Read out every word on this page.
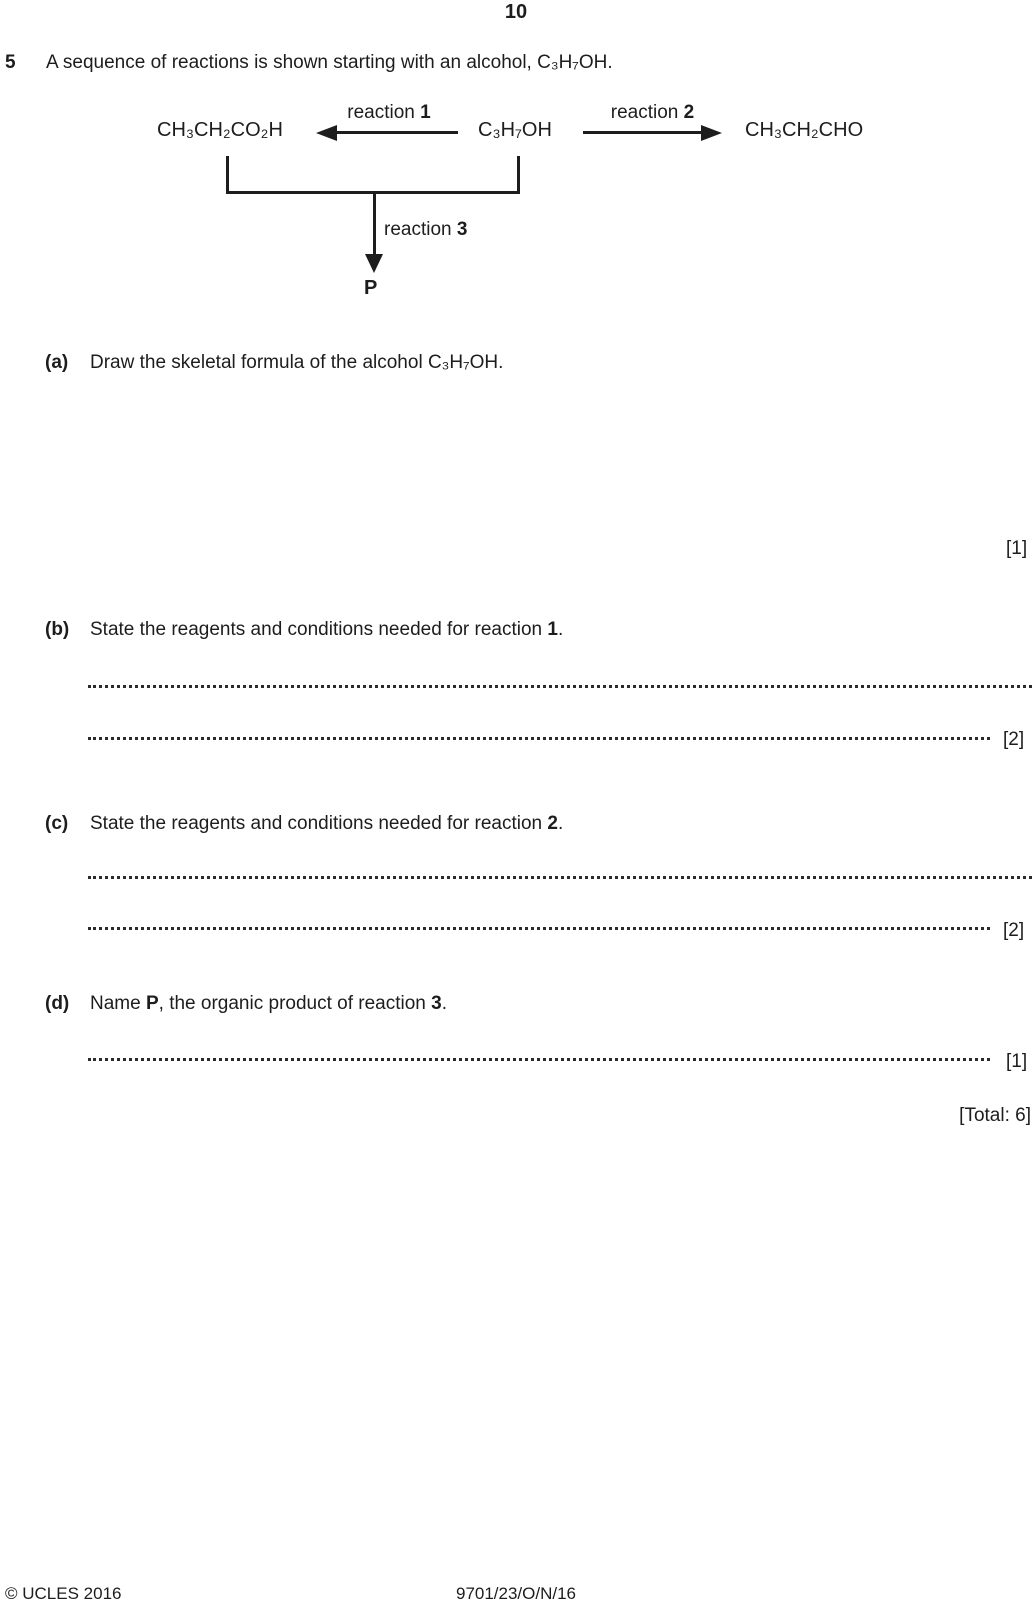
10
5 A sequence of reactions is shown starting with an alcohol, C₃H₇OH.
reaction 1	reaction 2
CH₃CH₂CO₂H	C₃H₇OH	CH₃CH₂CHO
reaction 3
P
(a) Draw the skeletal formula of the alcohol C₃H₇OH.
[1]
(b) State the reagents and conditions needed for reaction 1.
[2]
(c) State the reagents and conditions needed for reaction 2.
[2]
(d) Name P, the organic product of reaction 3.
[1]
[Total: 6]
© UCLES 2016	9701/23/O/N/16
